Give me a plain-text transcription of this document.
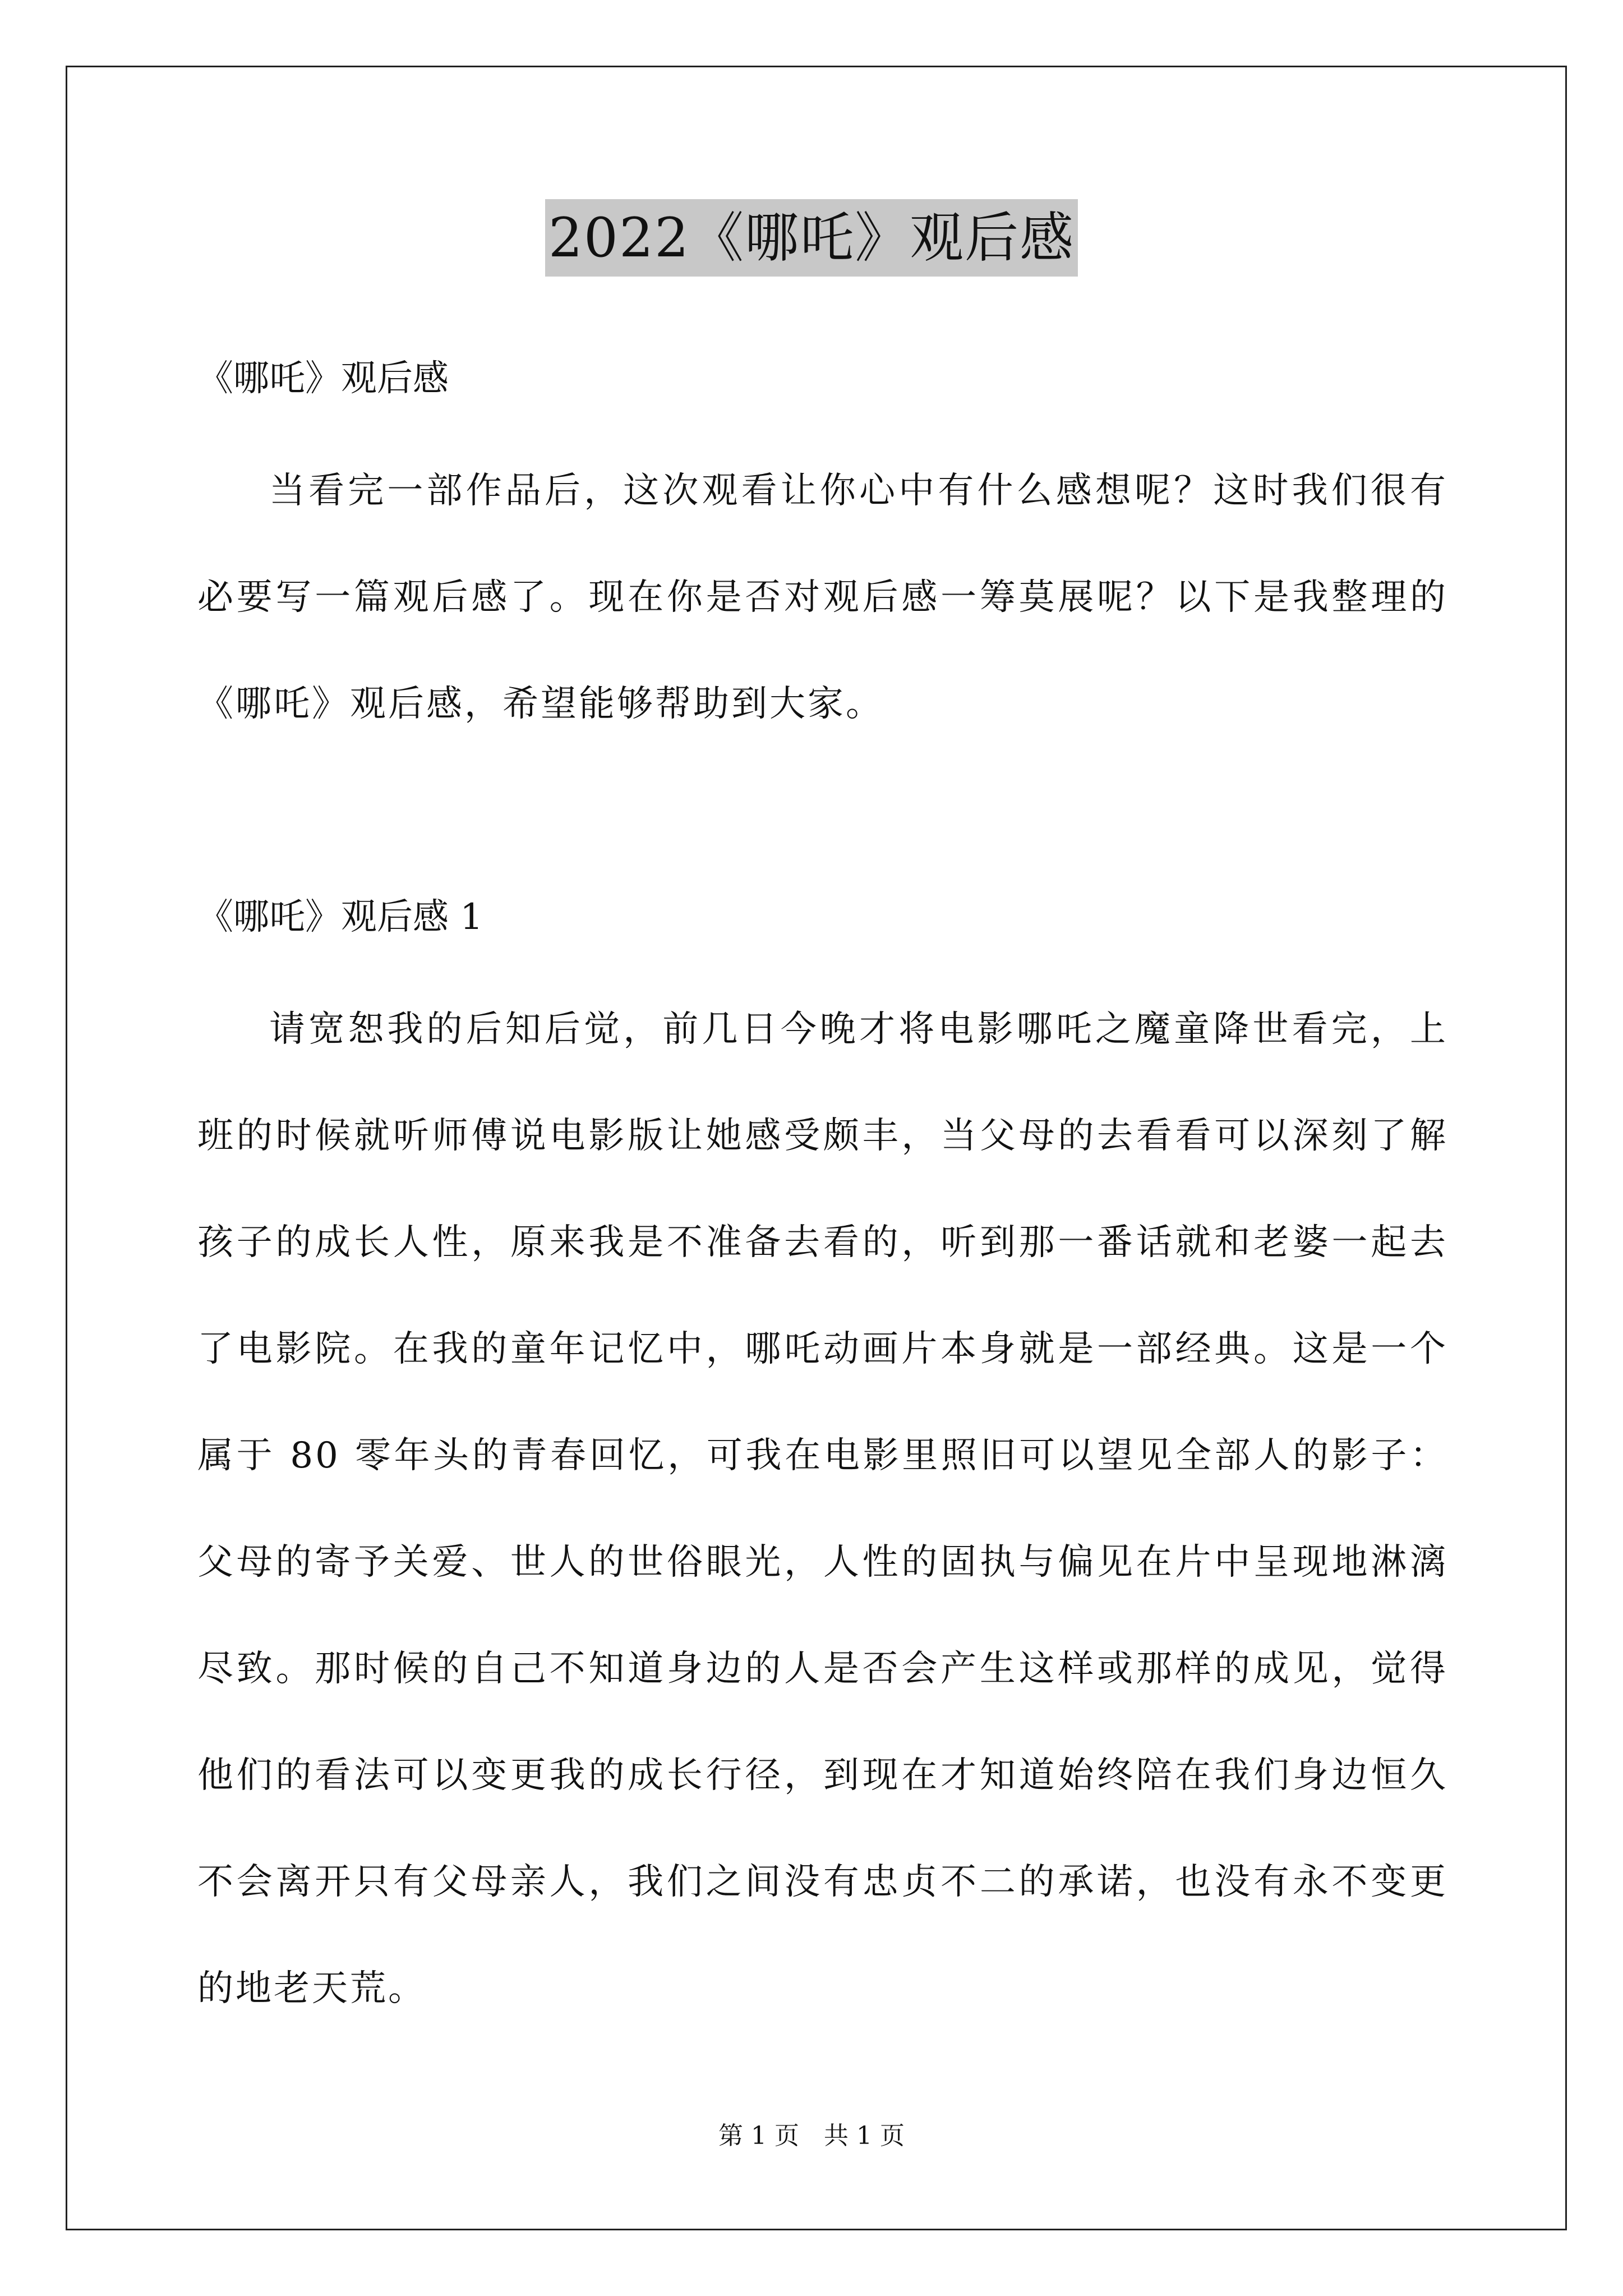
2022《哪吒》观后感
《哪吒》观后感

当看完一部作品后，这次观看让你心中有什么感想呢？这时我们很有必要写一篇观后感了。现在你是否对观后感一筹莫展呢？以下是我整理的《哪吒》观后感，希望能够帮助到大家。

《哪吒》观后感 1

请宽恕我的后知后觉，前几日今晚才将电影哪吒之魔童降世看完，上班的时候就听师傅说电影版让她感受颇丰，当父母的去看看可以深刻了解孩子的成长人性，原来我是不准备去看的，听到那一番话就和老婆一起去了电影院。在我的童年记忆中，哪吒动画片本身就是一部经典。这是一个属于 80 零年头的青春回忆，可我在电影里照旧可以望见全部人的影子：父母的寄予关爱、世人的世俗眼光，人性的固执与偏见在片中呈现地淋漓尽致。那时候的自己不知道身边的人是否会产生这样或那样的成见，觉得他们的看法可以变更我的成长行径，到现在才知道始终陪在我们身边恒久不会离开只有父母亲人，我们之间没有忠贞不二的承诺，也没有永不变更的地老天荒。

第 1 页　共 1 页
